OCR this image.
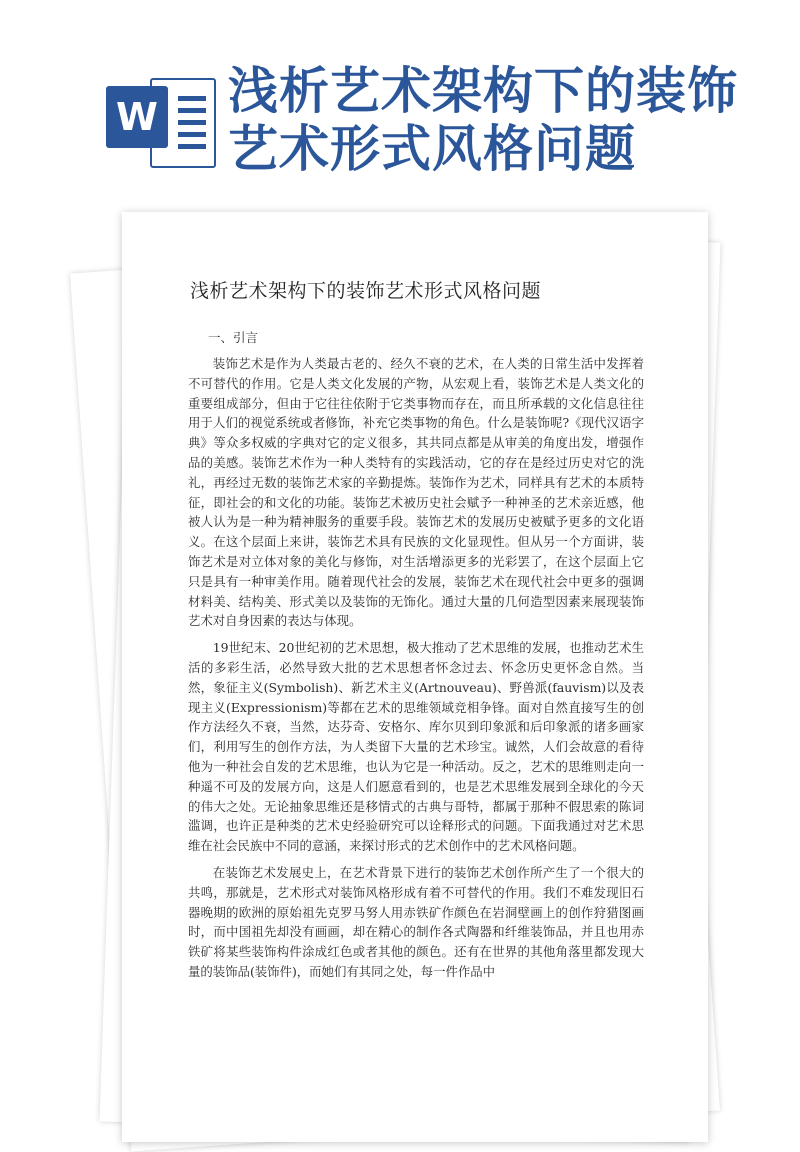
W 浅析艺术架构下的装饰艺术形式风格问题
浅析艺术架构下的装饰艺术形式风格问题
一、引言

装饰艺术是作为人类最古老的、经久不衰的艺术，在人类的日常生活中发挥着不可替代的作用。它是人类文化发展的产物，从宏观上看，装饰艺术是人类文化的重要组成部分，但由于它往往依附于它类事物而存在，而且所承载的文化信息往往用于人们的视觉系统或者修饰，补充它类事物的角色。什么是装饰呢?《现代汉语字典》等众多权威的字典对它的定义很多，其共同点都是从审美的角度出发，增强作品的美感。装饰艺术作为一种人类特有的实践活动，它的存在是经过历史对它的洗礼，再经过无数的装饰艺术家的辛勤提炼。装饰作为艺术，同样具有艺术的本质特征，即社会的和文化的功能。装饰艺术被历史社会赋予一种神圣的艺术亲近感，他被人认为是一种为精神服务的重要手段。装饰艺术的发展历史被赋予更多的文化语义。在这个层面上来讲，装饰艺术具有民族的文化显现性。但从另一个方面讲，装饰艺术是对立体对象的美化与修饰，对生活增添更多的光彩罢了，在这个层面上它只是具有一种审美作用。随着现代社会的发展，装饰艺术在现代社会中更多的强调材料美、结构美、形式美以及装饰的无饰化。通过大量的几何造型因素来展现装饰艺术对自身因素的表达与体现。

19世纪末、20世纪初的艺术思想，极大推动了艺术思维的发展，也推动艺术生活的多彩生活，必然导致大批的艺术思想者怀念过去、怀念历史更怀念自然。当然，象征主义(Symbolish)、新艺术主义(Artnouveau)、野兽派(fauvism)以及表现主义(Expressionism)等都在艺术的思维领域竞相争锋。面对自然直接写生的创作方法经久不衰，当然，达芬奇、安格尔、库尔贝到印象派和后印象派的诸多画家们，利用写生的创作方法，为人类留下大量的艺术珍宝。诚然，人们会故意的看待他为一种社会自发的艺术思维，也认为它是一种活动。反之，艺术的思维则走向一种遥不可及的发展方向，这是人们愿意看到的，也是艺术思维发展到全球化的今天的伟大之处。无论抽象思维还是移情式的古典与哥特，都属于那种不假思索的陈词滥调，也许正是种类的艺术史经验研究可以诠释形式的问题。下面我通过对艺术思维在社会民族中不同的意涵，来探讨形式的艺术创作中的艺术风格问题。

在装饰艺术发展史上，在艺术背景下进行的装饰艺术创作所产生了一个很大的共鸣，那就是，艺术形式对装饰风格形成有着不可替代的作用。我们不难发现旧石器晚期的欧洲的原始祖先克罗马努人用赤铁矿作颜色在岩洞壁画上的创作狩猎图画时，而中国祖先却没有画画，却在精心的制作各式陶器和纤维装饰品，并且也用赤铁矿将某些装饰构件涂成红色或者其他的颜色。还有在世界的其他角落里都发现大量的装饰品(装饰件)，而她们有其同之处，每一件作品中
